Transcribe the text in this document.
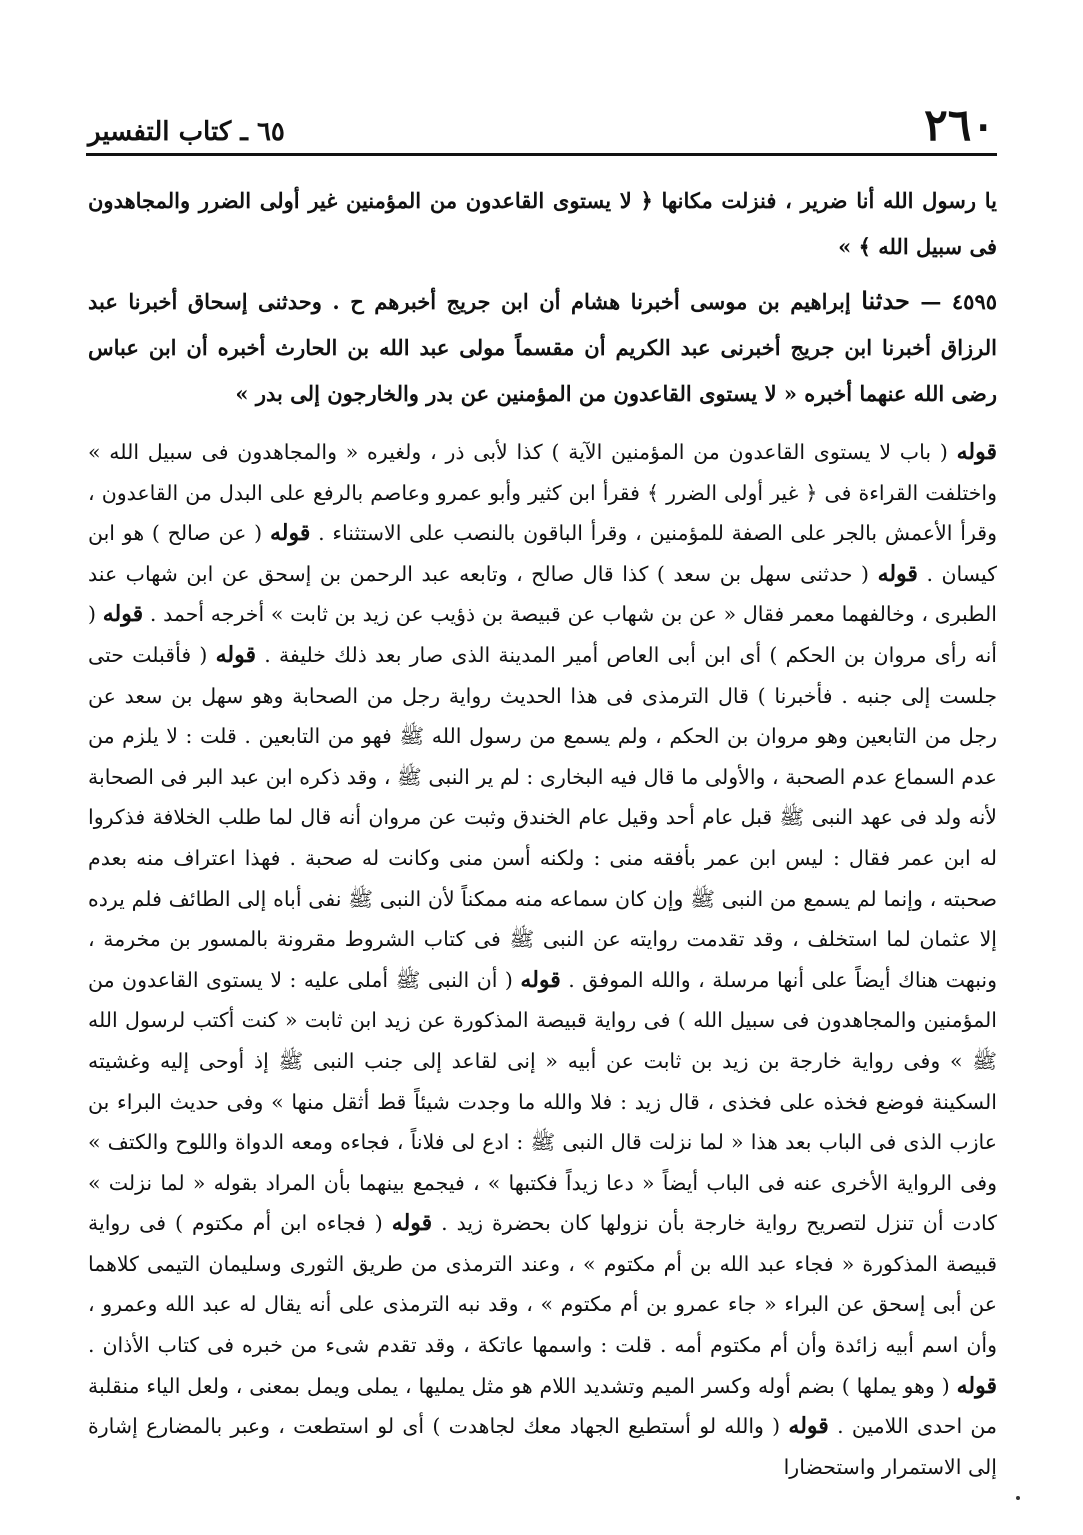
٢٦٠
٦٥ ـ كتاب التفسير

يا رسول الله أنا ضرير ، فنزلت مكانها ﴿ لا يستوى القاعدون من المؤمنين غير أولى الضرر والمجاهدون فى سبيل الله ﴾ »

٤٥٩٥ — حدثنا إبراهيم بن موسى أخبرنا هشام أن ابن جريج أخبرهم ح . وحدثنى إسحاق أخبرنا عبد الرزاق أخبرنا ابن جريج أخبرنى عبد الكريم أن مقسماً مولى عبد الله بن الحارث أخبره أن ابن عباس رضى الله عنهما أخبره « لا يستوى القاعدون من المؤمنين عن بدر والخارجون إلى بدر »

قوله ( باب لا يستوى القاعدون من المؤمنين الآية ) كذا لأبى ذر ، ولغيره « والمجاهدون فى سبيل الله » واختلفت القراءة فى ﴿ غير أولى الضرر ﴾ فقرأ ابن كثير وأبو عمرو وعاصم بالرفع على البدل من القاعدون ، وقرأ الأعمش بالجر على الصفة للمؤمنين ، وقرأ الباقون بالنصب على الاستثناء . قوله ( عن صالح ) هو ابن كيسان . قوله ( حدثنى سهل بن سعد ) كذا قال صالح ، وتابعه عبد الرحمن بن إسحق عن ابن شهاب عند الطبرى ، وخالفهما معمر فقال « عن بن شهاب عن قبيصة بن ذؤيب عن زيد بن ثابت » أخرجه أحمد . قوله ( أنه رأى مروان بن الحكم ) أى ابن أبى العاص أمير المدينة الذى صار بعد ذلك خليفة . قوله ( فأقبلت حتى جلست إلى جنبه . فأخبرنا ) قال الترمذى فى هذا الحديث رواية رجل من الصحابة وهو سهل بن سعد عن رجل من التابعين وهو مروان بن الحكم ، ولم يسمع من رسول الله ﷺ فهو من التابعين . قلت : لا يلزم من عدم السماع عدم الصحبة ، والأولى ما قال فيه البخارى : لم ير النبى ﷺ ، وقد ذكره ابن عبد البر فى الصحابة لأنه ولد فى عهد النبى ﷺ قبل عام أحد وقيل عام الخندق وثبت عن مروان أنه قال لما طلب الخلافة فذكروا له ابن عمر فقال : ليس ابن عمر بأفقه منى : ولكنه أسن منى وكانت له صحبة . فهذا اعتراف منه بعدم صحبته ، وإنما لم يسمع من النبى ﷺ وإن كان سماعه منه ممكناً لأن النبى ﷺ نفى أباه إلى الطائف فلم يرده إلا عثمان لما استخلف ، وقد تقدمت روايته عن النبى ﷺ فى كتاب الشروط مقرونة بالمسور بن مخرمة ، ونبهت هناك أيضاً على أنها مرسلة ، والله الموفق . قوله ( أن النبى ﷺ أملى عليه : لا يستوى القاعدون من المؤمنين والمجاهدون فى سبيل الله ) فى رواية قبيصة المذكورة عن زيد ابن ثابت « كنت أكتب لرسول الله ﷺ » وفى رواية خارجة بن زيد بن ثابت عن أبيه « إنى لقاعد إلى جنب النبى ﷺ إذ أوحى إليه وغشيته السكينة فوضع فخذه على فخذى ، قال زيد : فلا والله ما وجدت شيئاً قط أثقل منها » وفى حديث البراء بن عازب الذى فى الباب بعد هذا « لما نزلت قال النبى ﷺ : ادع لى فلاناً ، فجاءه ومعه الدواة واللوح والكتف » وفى الرواية الأخرى عنه فى الباب أيضاً « دعا زيداً فكتبها » ، فيجمع بينهما بأن المراد بقوله « لما نزلت » كادت أن تنزل لتصريح رواية خارجة بأن نزولها كان بحضرة زيد . قوله ( فجاءه ابن أم مكتوم ) فى رواية قبيصة المذكورة « فجاء عبد الله بن أم مكتوم » ، وعند الترمذى من طريق الثورى وسليمان التيمى كلاهما عن أبى إسحق عن البراء « جاء عمرو بن أم مكتوم » ، وقد نبه الترمذى على أنه يقال له عبد الله وعمرو ، وأن اسم أبيه زائدة وأن أم مكتوم أمه . قلت : واسمها عاتكة ، وقد تقدم شىء من خبره فى كتاب الأذان . قوله ( وهو يملها ) بضم أوله وكسر الميم وتشديد اللام هو مثل يمليها ، يملى ويمل بمعنى ، ولعل الياء منقلبة من احدى اللامين . قوله ( والله لو أستطيع الجهاد معك لجاهدت ) أى لو استطعت ، وعبر بالمضارع إشارة إلى الاستمرار واستحضارا
